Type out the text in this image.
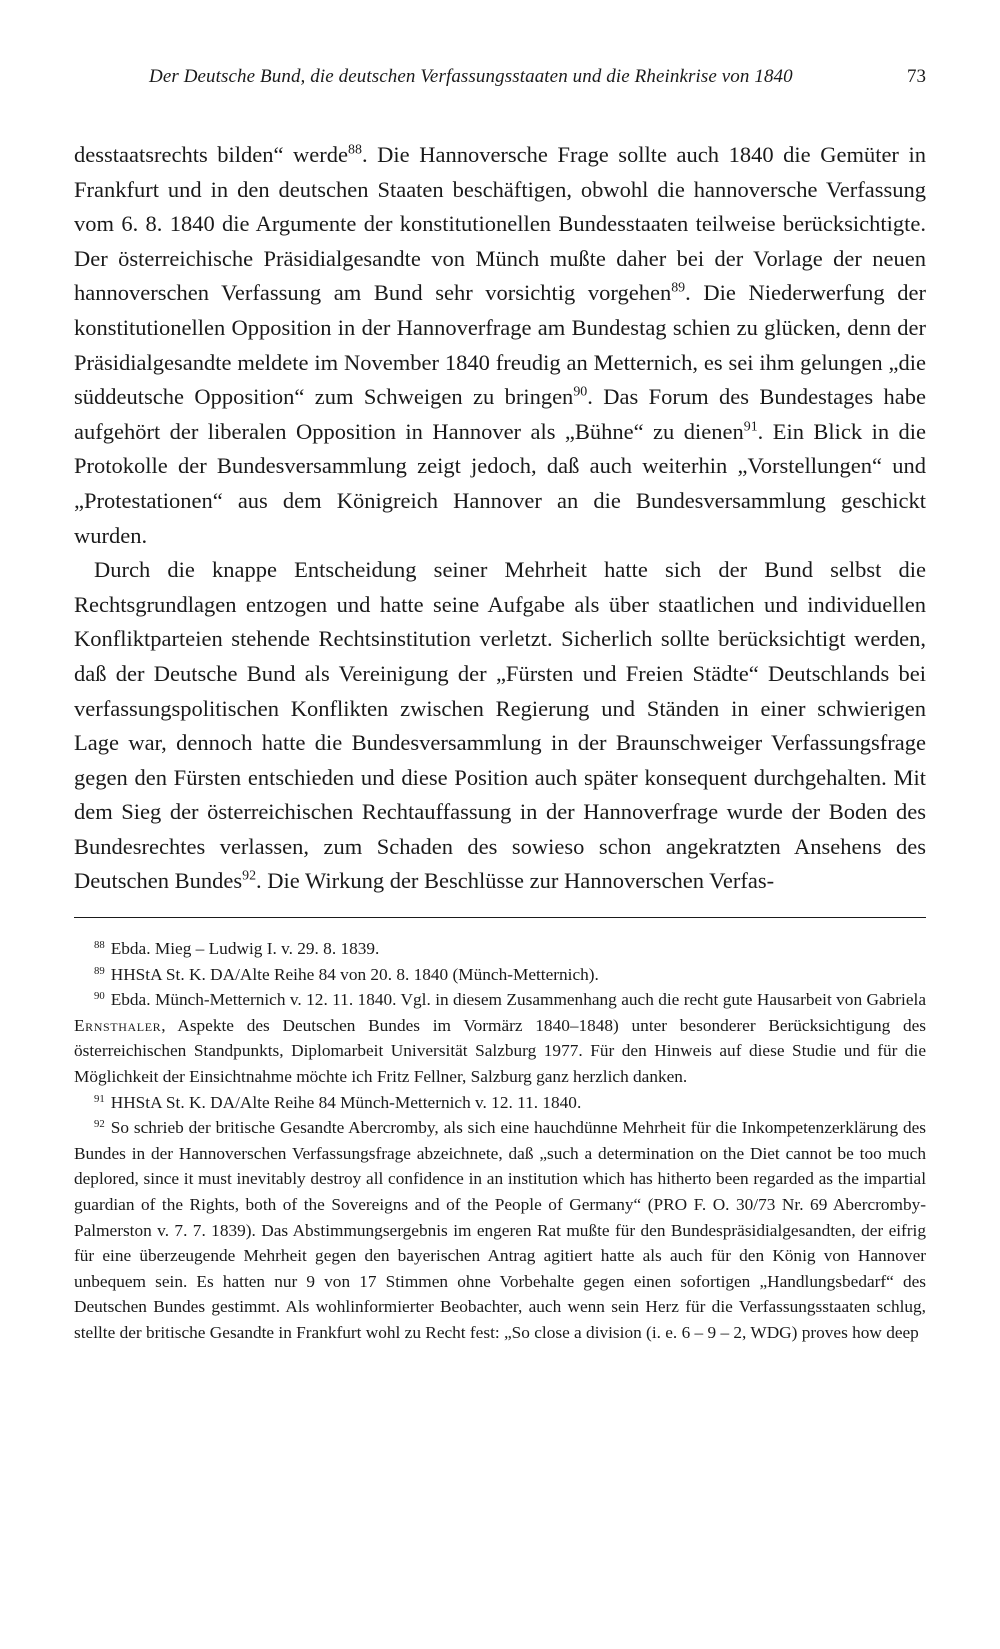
Der Deutsche Bund, die deutschen Verfassungsstaaten und die Rheinkrise von 1840	73

desstaatsrechts bilden“ werde$^{88}$. Die Hannoversche Frage sollte auch 1840 die Gemüter in Frankfurt und in den deutschen Staaten beschäftigen, obwohl die hannoversche Verfassung vom 6. 8. 1840 die Argumente der konstitutionellen Bundesstaaten teilweise berücksichtigte. Der österreichische Präsidialgesandte von Münch mußte daher bei der Vorlage der neuen hannoverschen Verfassung am Bund sehr vorsichtig vorgehen$^{89}$. Die Niederwerfung der konstitutionellen Opposition in der Hannoverfrage am Bundestag schien zu glücken, denn der Präsidialgesandte meldete im November 1840 freudig an Metternich, es sei ihm gelungen „die süddeutsche Opposition“ zum Schweigen zu bringen$^{90}$. Das Forum des Bundestages habe aufgehört der liberalen Opposition in Hannover als „Bühne“ zu dienen$^{91}$. Ein Blick in die Protokolle der Bundesversammlung zeigt jedoch, daß auch weiterhin „Vorstellungen“ und „Protestationen“ aus dem Königreich Hannover an die Bundesversammlung geschickt wurden.

Durch die knappe Entscheidung seiner Mehrheit hatte sich der Bund selbst die Rechtsgrundlagen entzogen und hatte seine Aufgabe als über staatlichen und individuellen Konfliktparteien stehende Rechtsinstitution verletzt. Sicherlich sollte berücksichtigt werden, daß der Deutsche Bund als Vereinigung der „Fürsten und Freien Städte“ Deutschlands bei verfassungspolitischen Konflikten zwischen Regierung und Ständen in einer schwierigen Lage war, dennoch hatte die Bundesversammlung in der Braunschweiger Verfassungsfrage gegen den Fürsten entschieden und diese Position auch später konsequent durchgehalten. Mit dem Sieg der österreichischen Rechtauffassung in der Hannoverfrage wurde der Boden des Bundesrechtes verlassen, zum Schaden des sowieso schon angekratzten Ansehens des Deutschen Bundes$^{92}$. Die Wirkung der Beschlüsse zur Hannoverschen Verfas-

$^{88}$ Ebda. Mieg – Ludwig I. v. 29. 8. 1839.

$^{89}$ HHStA St. K. DA/Alte Reihe 84 von 20. 8. 1840 (Münch-Metternich).

$^{90}$ Ebda. Münch-Metternich v. 12. 11. 1840. Vgl. in diesem Zusammenhang auch die recht gute Hausarbeit von Gabriela Ernsthaler, Aspekte des Deutschen Bundes im Vormärz 1840–1848) unter besonderer Berücksichtigung des österreichischen Standpunkts, Diplomarbeit Universität Salzburg 1977. Für den Hinweis auf diese Studie und für die Möglichkeit der Einsichtnahme möchte ich Fritz Fellner, Salzburg ganz herzlich danken.

$^{91}$ HHStA St. K. DA/Alte Reihe 84 Münch-Metternich v. 12. 11. 1840.

$^{92}$ So schrieb der britische Gesandte Abercromby, als sich eine hauchdünne Mehrheit für die Inkompetenzerklärung des Bundes in der Hannoverschen Verfassungsfrage abzeichnete, daß „such a determination on the Diet cannot be too much deplored, since it must inevitably destroy all confidence in an institution which has hitherto been regarded as the impartial guardian of the Rights, both of the Sovereigns and of the People of Germany“ (PRO F. O. 30/73 Nr. 69 Abercromby-Palmerston v. 7. 7. 1839). Das Abstimmungsergebnis im engeren Rat mußte für den Bundespräsidialgesandten, der eifrig für eine überzeugende Mehrheit gegen den bayerischen Antrag agitiert hatte als auch für den König von Hannover unbequem sein. Es hatten nur 9 von 17 Stimmen ohne Vorbehalte gegen einen sofortigen „Handlungsbedarf“ des Deutschen Bundes gestimmt. Als wohlinformierter Beobachter, auch wenn sein Herz für die Verfassungsstaaten schlug, stellte der britische Gesandte in Frankfurt wohl zu Recht fest: „So close a division (i. e. 6 – 9 – 2, WDG) proves how deep
